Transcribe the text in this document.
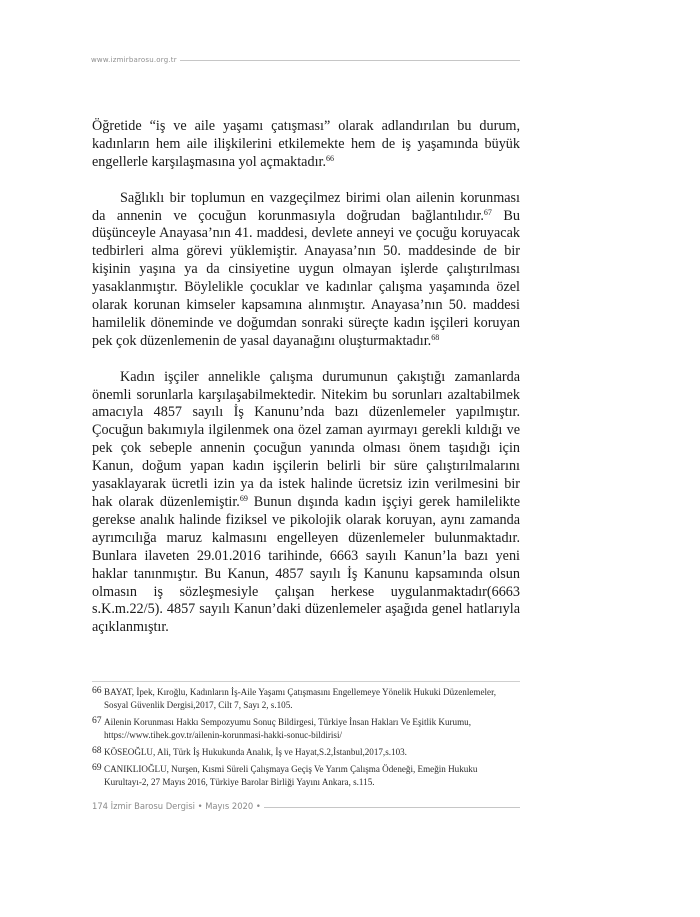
www.izmirbarosu.org.tr

Öğretide “iş ve aile yaşamı çatışması” olarak adlandırılan bu durum, kadınların hem aile ilişkilerini etkilemekte hem de iş yaşamında büyük engellerle karşılaşmasına yol açmaktadır.$^{66}$

Sağlıklı bir toplumun en vazgeçilmez birimi olan ailenin korunması da annenin ve çocuğun korunmasıyla doğrudan bağlantılıdır.$^{67}$ Bu düşünceyle Anayasa’nın 41. maddesi, devlete anneyi ve çocuğu koruyacak tedbirleri alma görevi yüklemiştir. Anayasa’nın 50. maddesinde de bir kişinin yaşına ya da cinsiyetine uygun olmayan işlerde çalıştırılması yasaklanmıştır. Böylelikle çocuklar ve kadınlar çalışma yaşamında özel olarak korunan kimseler kapsamına alınmıştır. Anayasa’nın 50. maddesi hamilelik döneminde ve doğumdan sonraki süreçte kadın işçileri koruyan pek çok düzenlemenin de yasal dayanağını oluşturmaktadır.$^{68}$

Kadın işçiler annelikle çalışma durumunun çakıştığı zamanlarda önemli sorunlarla karşılaşabilmektedir. Nitekim bu sorunları azaltabilmek amacıyla 4857 sayılı İş Kanunu’nda bazı düzenlemeler yapılmıştır. Çocuğun bakımıyla ilgilenmek ona özel zaman ayırmayı gerekli kıldığı ve pek çok sebeple annenin çocuğun yanında olması önem taşıdığı için Kanun, doğum yapan kadın işçilerin belirli bir süre çalıştırılmalarını yasaklayarak ücretli izin ya da istek halinde ücretsiz izin verilmesini bir hak olarak düzenlemiştir.$^{69}$ Bunun dışında kadın işçiyi gerek hamilelikte gerekse analık halinde fiziksel ve pikolojik olarak koruyan, aynı zamanda ayrımcılığa maruz kalmasını engelleyen düzenlemeler bulunmaktadır. Bunlara ilaveten 29.01.2016 tarihinde, 6663 sayılı Kanun’la bazı yeni haklar tanınmıştır. Bu Kanun, 4857 sayılı İş Kanunu kapsamında olsun olmasın iş sözleşmesiyle çalışan herkese uygulanmaktadır(6663 s.K.m.22/5). 4857 sayılı Kanun’daki düzenlemeler aşağıda genel hatlarıyla açıklanmıştır.

66 BAYAT, İpek, Kıroğlu, Kadınların İş-Aile Yaşamı Çatışmasını Engellemeye Yönelik Hukuki Düzenlemeler, Sosyal Güvenlik Dergisi,2017, Cilt 7, Sayı 2, s.105.
67 Ailenin Korunması Hakkı Sempozyumu Sonuç Bildirgesi, Türkiye İnsan Hakları Ve Eşitlik Kurumu, https://www.tihek.gov.tr/ailenin-korunmasi-hakki-sonuc-bildirisi/
68 KÖSEOĞLU, Ali, Türk İş Hukukunda Analık, İş ve Hayat,S.2,İstanbul,2017,s.103.
69 CANIKLIOĞLU, Nurşen, Kısmi Süreli Çalışmaya Geçiş Ve Yarım Çalışma Ödeneği, Emeğin Hukuku Kurultayı-2, 27 Mayıs 2016, Türkiye Barolar Birliği Yayını Ankara, s.115.
174 İzmir Barosu Dergisi • Mayıs 2020 •
